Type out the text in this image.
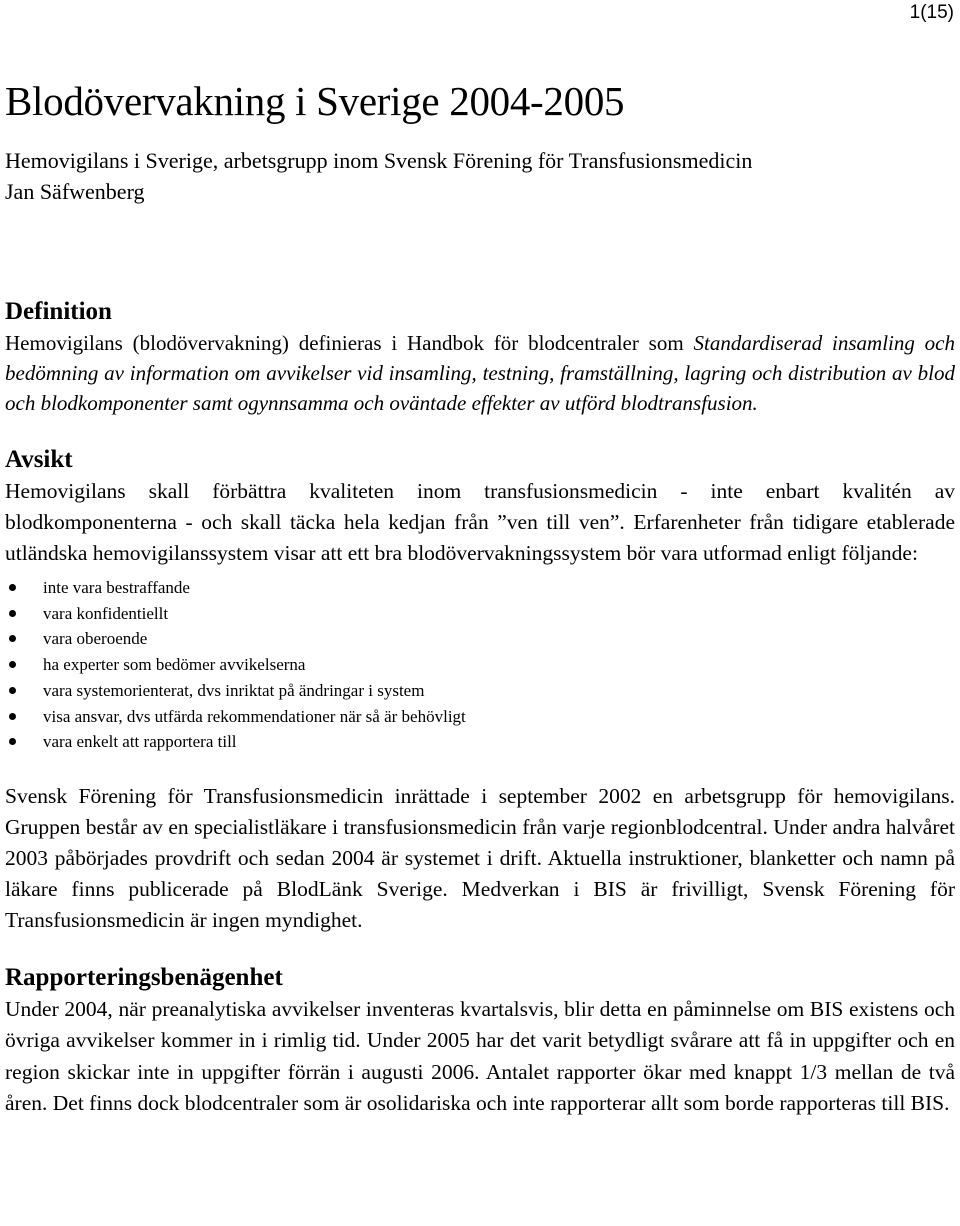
1(15)
Blodövervakning i Sverige 2004-2005

Hemovigilans i Sverige, arbetsgrupp inom Svensk Förening för Transfusionsmedicin

Jan Säfwenberg

Definition

Hemovigilans (blodövervakning) definieras i Handbok för blodcentraler som Standardiserad insamling och bedömning av information om avvikelser vid insamling, testning, framställning, lagring och distribution av blod och blodkomponenter samt ogynnsamma och oväntade effekter av utförd blodtransfusion.

Avsikt

Hemovigilans skall förbättra kvaliteten inom transfusionsmedicin - inte enbart kvalitén av blodkomponenterna - och skall täcka hela kedjan från ”ven till ven”. Erfarenheter från tidigare etablerade utländska hemovigilanssystem visar att ett bra blodövervakningssystem bör vara utformad enligt följande:

inte vara bestraffande
vara konfidentiellt
vara oberoende
ha experter som bedömer avvikelserna
vara systemorienterat, dvs inriktat på ändringar i system
visa ansvar, dvs utfärda rekommendationer när så är behövligt
vara enkelt att rapportera till

Svensk Förening för Transfusionsmedicin inrättade i september 2002 en arbetsgrupp för hemovigilans. Gruppen består av en specialistläkare i transfusionsmedicin från varje regionblodcentral. Under andra halvåret 2003 påbörjades provdrift och sedan 2004 är systemet i drift. Aktuella instruktioner, blanketter och namn på läkare finns publicerade på BlodLänk Sverige. Medverkan i BIS är frivilligt, Svensk Förening för Transfusionsmedicin är ingen myndighet.

Rapporteringsbenägenhet

Under 2004, när preanalytiska avvikelser inventeras kvartalsvis, blir detta en påminnelse om BIS existens och övriga avvikelser kommer in i rimlig tid. Under 2005 har det varit betydligt svårare att få in uppgifter och en region skickar inte in uppgifter förrän i augusti 2006. Antalet rapporter ökar med knappt 1/3 mellan de två åren. Det finns dock blodcentraler som är osolidariska och inte rapporterar allt som borde rapporteras till BIS.
